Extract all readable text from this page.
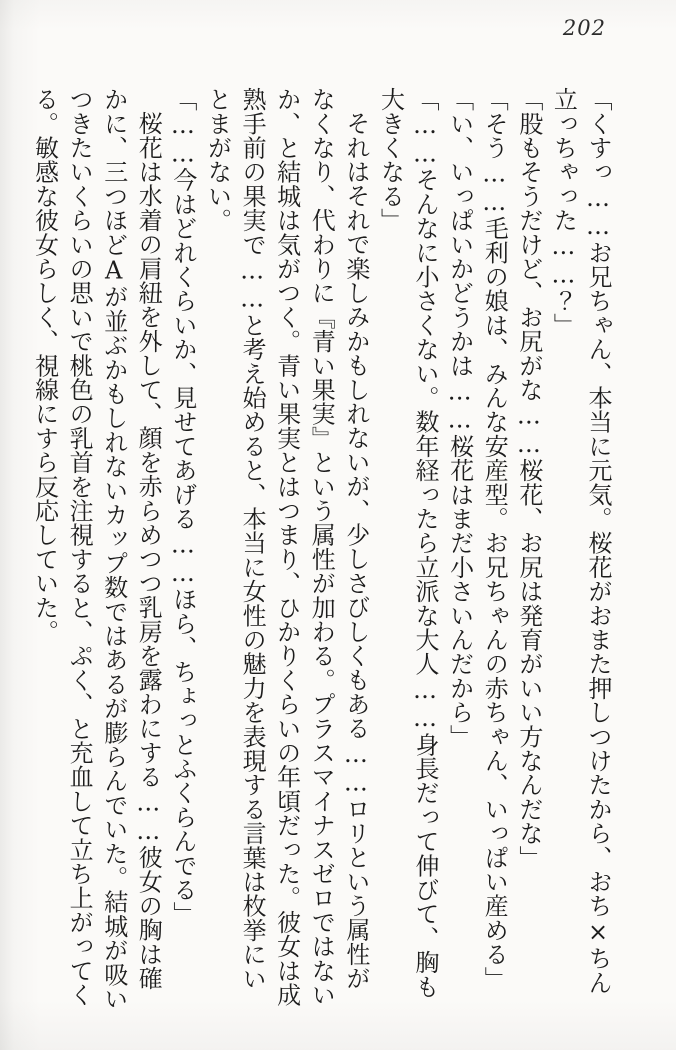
202

「くすっ……お兄ちゃん、本当に元気。桜花がおまた押しつけたから、おち×ちん立っちゃった……？」

「股もそうだけど、お尻がな……桜花、お尻は発育がいい方なんだな」

「そう……毛利の娘は、みんな安産型。お兄ちゃんの赤ちゃん、いっぱい産める」

「い、いっぱいかどうかは……桜花はまだ小さいんだから」

「……そんなに小さくない。数年経ったら立派な大人……身長だって伸びて、胸も大きくなる」

それはそれで楽しみかもしれないが、少しさびしくもある……ロリという属性がなくなり、代わりに『青い果実』という属性が加わる。プラスマイナスゼロではないか、と結城は気がつく。青い果実とはつまり、ひかりくらいの年頃だった。彼女は成熟手前の果実で……と考え始めると、本当に女性の魅力を表現する言葉は枚挙にいとまがない。

「……今はどれくらいか、見せてあげる……ほら、ちょっとふくらんでる」

桜花は水着の肩紐を外して、顔を赤らめつつ乳房を露わにする……彼女の胸は確かに、三つほどAが並ぶかもしれないカップ数ではあるが膨らんでいた。結城が吸いつきたいくらいの思いで桃色の乳首を注視すると、ぷく、と充血して立ち上がってくる。敏感な彼女らしく、視線にすら反応していた。
